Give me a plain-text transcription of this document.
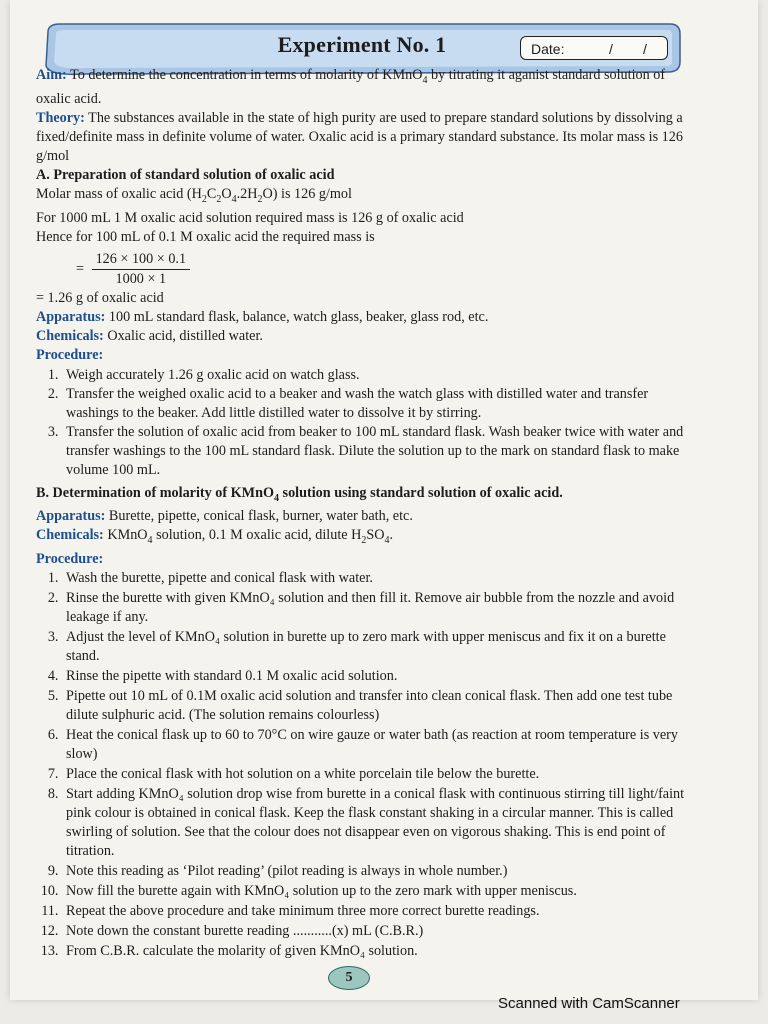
Experiment No. 1	Date:	/ /

Aim: To determine the concentration in terms of molarity of KMnO$_4$ by titrating it aganist standard solution of oxalic acid.

Theory: The substances available in the state of high purity are used to prepare standard solutions by dissolving a fixed/definite mass in definite volume of water. Oxalic acid is a primary standard substance. Its molar mass is 126 g/mol

A. Preparation of standard solution of oxalic acid

Molar mass of oxalic acid $(H_2C_2O_4.2H_2O)$ is 126 g/mol

For 1000 mL 1 M oxalic acid solution required mass is 126 g of oxalic acid

Hence for 100 mL of 0.1 M oxalic acid the required mass is

= $\frac{126 \times 100 \times 0.1}{1000 \times 1}$

= 1.26 g of oxalic acid

Apparatus: 100 mL standard flask, balance, watch glass, beaker, glass rod, etc.

Chemicals: Oxalic acid, distilled water.

Procedure:

1. Weigh accurately 1.26 g oxalic acid on watch glass.
2. Transfer the weighed oxalic acid to a beaker and wash the watch glass with distilled water and transfer washings to the beaker. Add little distilled water to dissolve it by stirring.
3. Transfer the solution of oxalic acid from beaker to 100 mL standard flask. Wash beaker twice with water and transfer washings to the 100 mL standard flask. Dilute the solution up to the mark on standard flask to make volume 100 mL.

B. Determination of molarity of KMnO$_4$ solution using standard solution of oxalic acid.

Apparatus: Burette, pipette, conical flask, burner, water bath, etc.

Chemicals: KMnO$_4$ solution, 0.1 M oxalic acid, dilute $H_2SO_4$.

Procedure:

1. Wash the burette, pipette and conical flask with water.
2. Rinse the burette with given KMnO₄ solution and then fill it. Remove air bubble from the nozzle and avoid leakage if any.
3. Adjust the level of KMnO₄ solution in burette up to zero mark with upper meniscus and fix it on a burette stand.
4. Rinse the pipette with standard 0.1 M oxalic acid solution.
5. Pipette out 10 mL of 0.1M oxalic acid solution and transfer into clean conical flask. Then add one test tube dilute sulphuric acid. (The solution remains colourless)
6. Heat the conical flask up to 60 to 70°C on wire gauze or water bath (as reaction at room temperature is very slow)
7. Place the conical flask with hot solution on a white porcelain tile below the burette.
8. Start adding KMnO₄ solution drop wise from burette in a conical flask with continuous stirring till light/faint pink colour is obtained in conical flask. Keep the flask constant shaking in a circular manner. This is called swirling of solution. See that the colour does not disappear even on vigorous shaking. This is end point of titration.
9. Note this reading as ‘Pilot reading’ (pilot reading is always in whole number.)
10. Now fill the burette again with KMnO₄ solution up to the zero mark with upper meniscus.
11. Repeat the above procedure and take minimum three more correct burette readings.
12. Note down the constant burette reading ...........(x) mL (C.B.R.)
13. From C.B.R. calculate the molarity of given KMnO₄ solution.
5
Scanned with CamScanner
